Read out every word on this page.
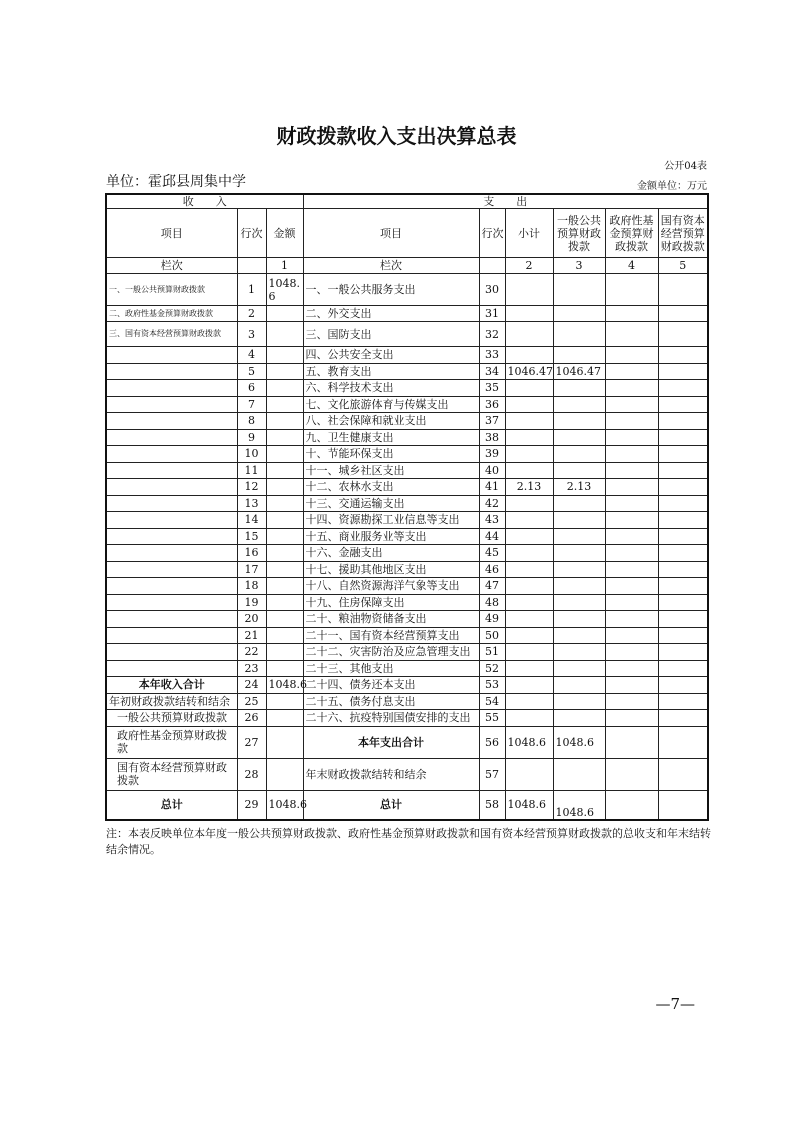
财政拨款收入支出决算总表
公开04表
单位：霍邱县周集中学	金额单位：万元
收　　入			支　　出					
项目	行次	金额	项目	行次	小计	一般公共预算财政拨款	政府性基金预算财政拨款	国有资本经营预算财政拨款
栏次		1	栏次		2	3	4	5
一、一般公共预算财政拨款	1	1048.6	一、一般公共服务支出	30				
二、政府性基金预算财政拨款	2		二、外交支出	31				
三、国有资本经营预算财政拨款	3		三、国防支出	32				
	4		四、公共安全支出	33				
	5		五、教育支出	34	1046.47	1046.47		
	6		六、科学技术支出	35				
	7		七、文化旅游体育与传媒支出	36				
	8		八、社会保障和就业支出	37				
	9		九、卫生健康支出	38				
	10		十、节能环保支出	39				
	11		十一、城乡社区支出	40				
	12		十二、农林水支出	41	2.13	2.13		
	13		十三、交通运输支出	42				
	14		十四、资源勘探工业信息等支出	43				
	15		十五、商业服务业等支出	44				
	16		十六、金融支出	45				
	17		十七、援助其他地区支出	46				
	18		十八、自然资源海洋气象等支出	47				
	19		十九、住房保障支出	48				
	20		二十、粮油物资储备支出	49				
	21		二十一、国有资本经营预算支出	50				
	22		二十二、灾害防治及应急管理支出	51				
	23		二十三、其他支出	52				
本年收入合计	24	1048.6	二十四、债务还本支出	53				
年初财政拨款结转和结余	25		二十五、债务付息支出	54				
一般公共预算财政拨款	26		二十六、抗疫特别国债安排的支出	55				
政府性基金预算财政拨款	27		本年支出合计	56	1048.6	1048.6		
国有资本经营预算财政拨款	28		年末财政拨款结转和结余	57				
总计	29	1048.6	总计	58	1048.6	1048.6		
注：本表反映单位本年度一般公共预算财政拨款、政府性基金预算财政拨款和国有资本经营预算财政拨款的总收支和年末结转结余情况。
—7—
